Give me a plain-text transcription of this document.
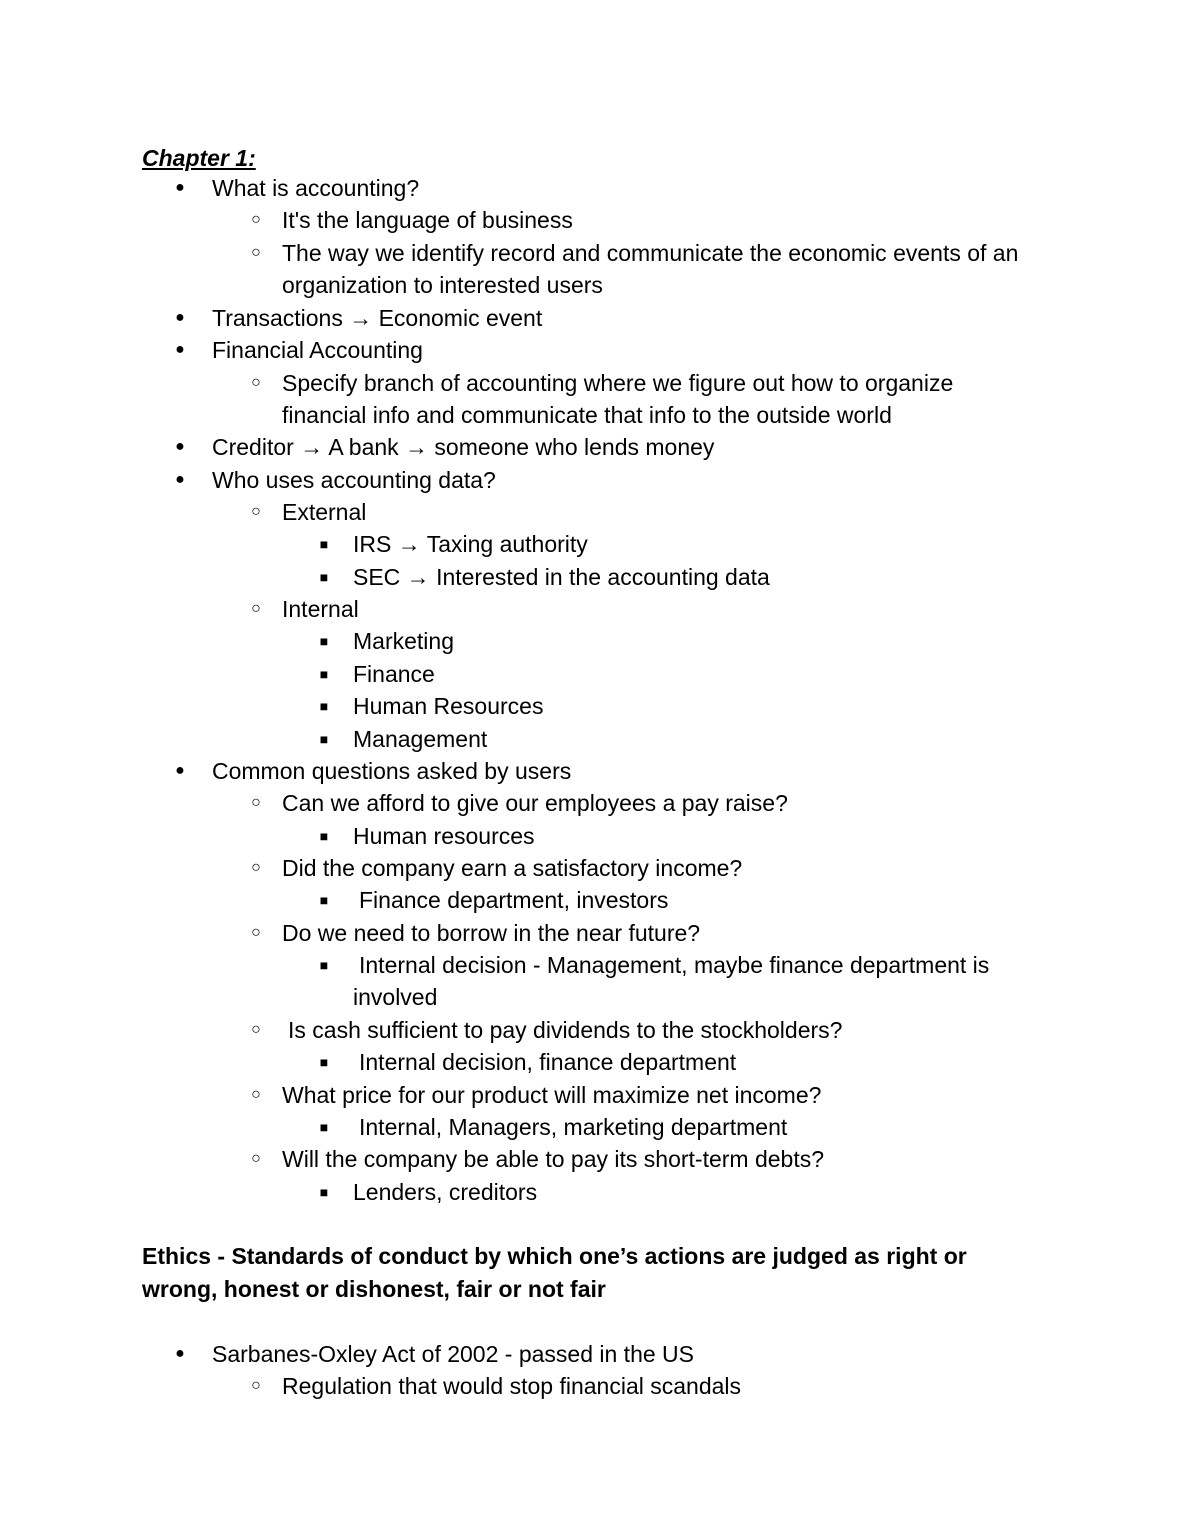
Chapter 1:
●	What is accounting?
○ It's the language of business
○ The way we identify record and communicate the economic events of an
organization to interested users
●	Transactions → Economic event
●	Financial Accounting
○ Specify branch of accounting where we figure out how to organize
financial info and communicate that info to the outside world
●	Creditor → A bank → someone who lends money
●	Who uses accounting data?
○ External
■	IRS → Taxing authority
■	SEC → Interested in the accounting data
○ Internal
■	Marketing
■	Finance
■	Human Resources
■	Management
●	Common questions asked by users
○ Can we afford to give our employees a pay raise?
■	Human resources
○ Did the company earn a satisfactory income?
■	Finance department, investors
○ Do we need to borrow in the near future?
■	Internal decision - Management, maybe finance department is
involved
○	Is cash sufficient to pay dividends to the stockholders?
■	Internal decision, finance department
○ What price for our product will maximize net income?
■	Internal, Managers, marketing department
○ Will the company be able to pay its short-term debts?
■	Lenders, creditors
Ethics - Standards of conduct by which one’s actions are judged as right or wrong, honest or dishonest, fair or not fair
●	Sarbanes-Oxley Act of 2002 - passed in the US
○ Regulation that would stop financial scandals
